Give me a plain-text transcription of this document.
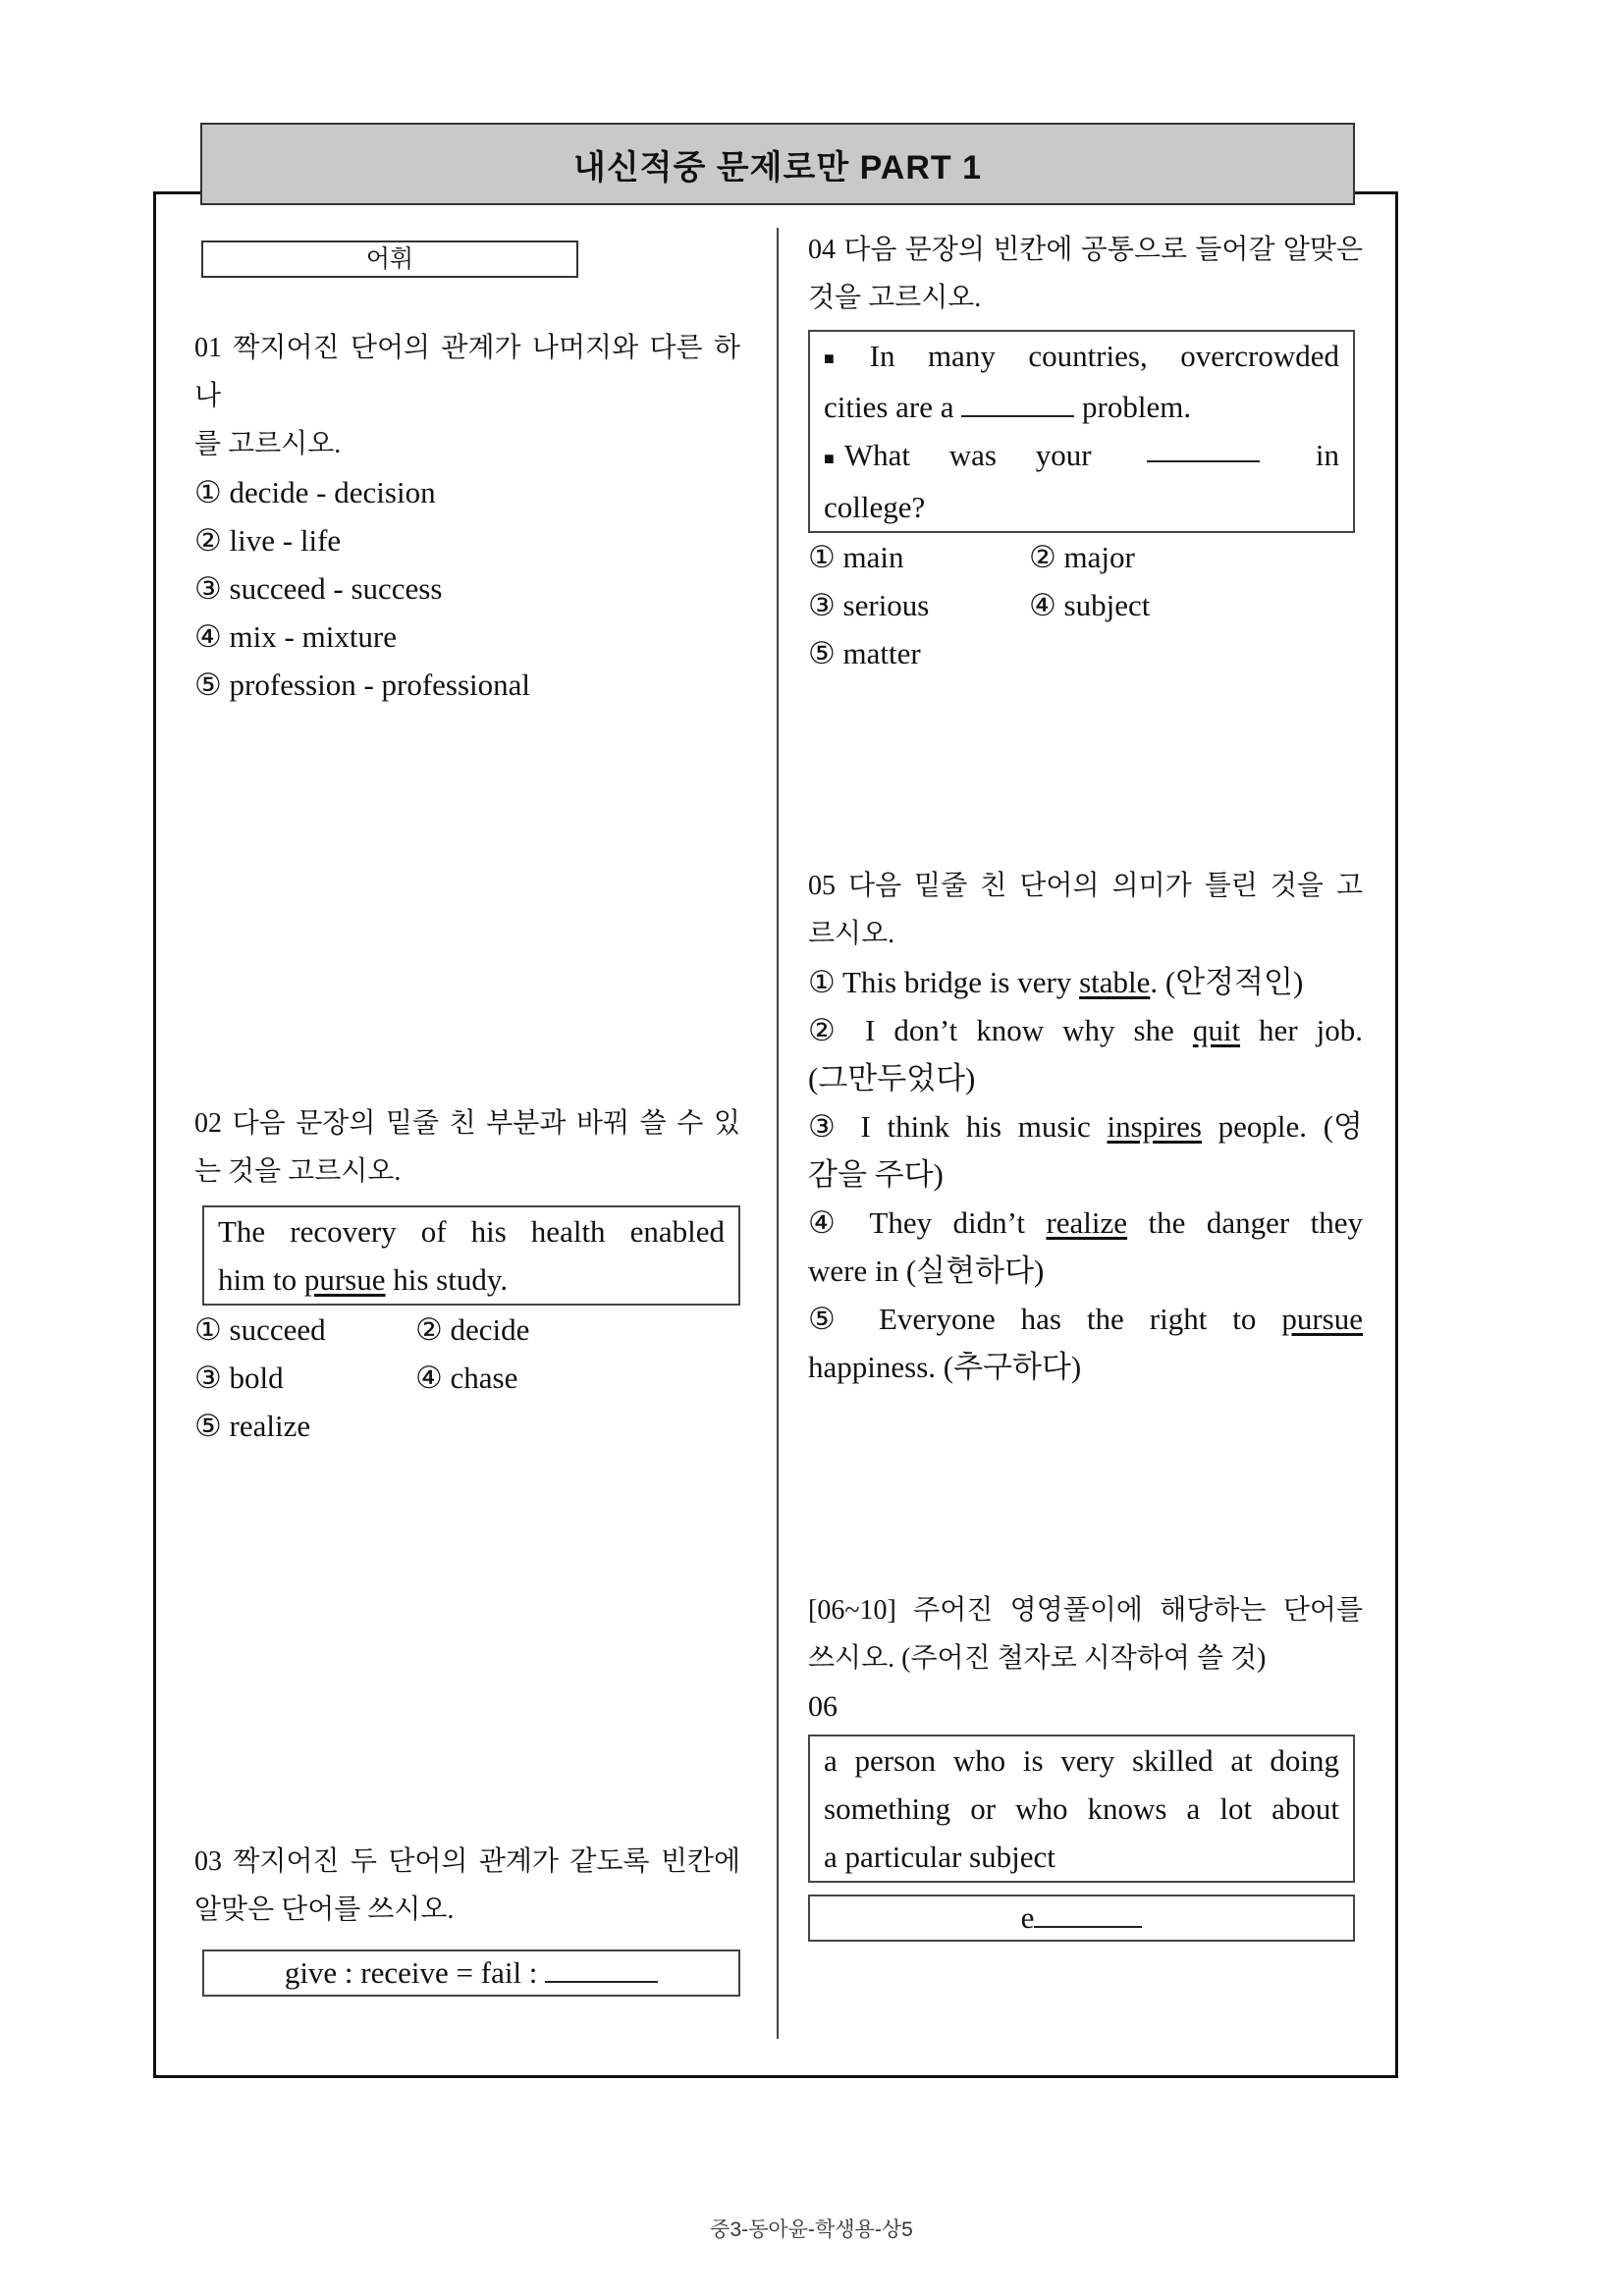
내신적중 문제로만 PART 1
어휘
01 짝지어진 단어의 관계가 나머지와 다른 하나
를 고르시오.
① decide - decision
② live - life
③ succeed - success
④ mix - mixture
⑤ profession - professional
02 다음 문장의 밑줄 친 부분과 바꿔 쓸 수 있
는 것을 고르시오.
The recovery of his health enabled
him to pursue his study.
① succeed	② decide
③ bold	④ chase
⑤ realize
03 짝지어진 두 단어의 관계가 같도록 빈칸에
알맞은 단어를 쓰시오.
give : receive = fail :
04 다음 문장의 빈칸에 공통으로 들어갈 알맞은
것을 고르시오.
■ In many countries, overcrowded
cities are a	problem.
■ What was your	in
college?
① main	② major
③ serious	④ subject
⑤ matter
05 다음 밑줄 친 단어의 의미가 틀린 것을 고
르시오.
① This bridge is very stable. (안정적인)
② I don’t know why she quit her job.
(그만두었다)
③ I think his music inspires people. (영
감을 주다)
④ They didn’t realize the danger they
were in (실현하다)
⑤ Everyone has the right to pursue
happiness. (추구하다)
[06~10] 주어진 영영풀이에 해당하는 단어를
쓰시오. (주어진 철자로 시작하여 쓸 것)
06
a person who is very skilled at doing
something or who knows a lot about
a particular subject
e
중3-동아윤-학생용-상5
